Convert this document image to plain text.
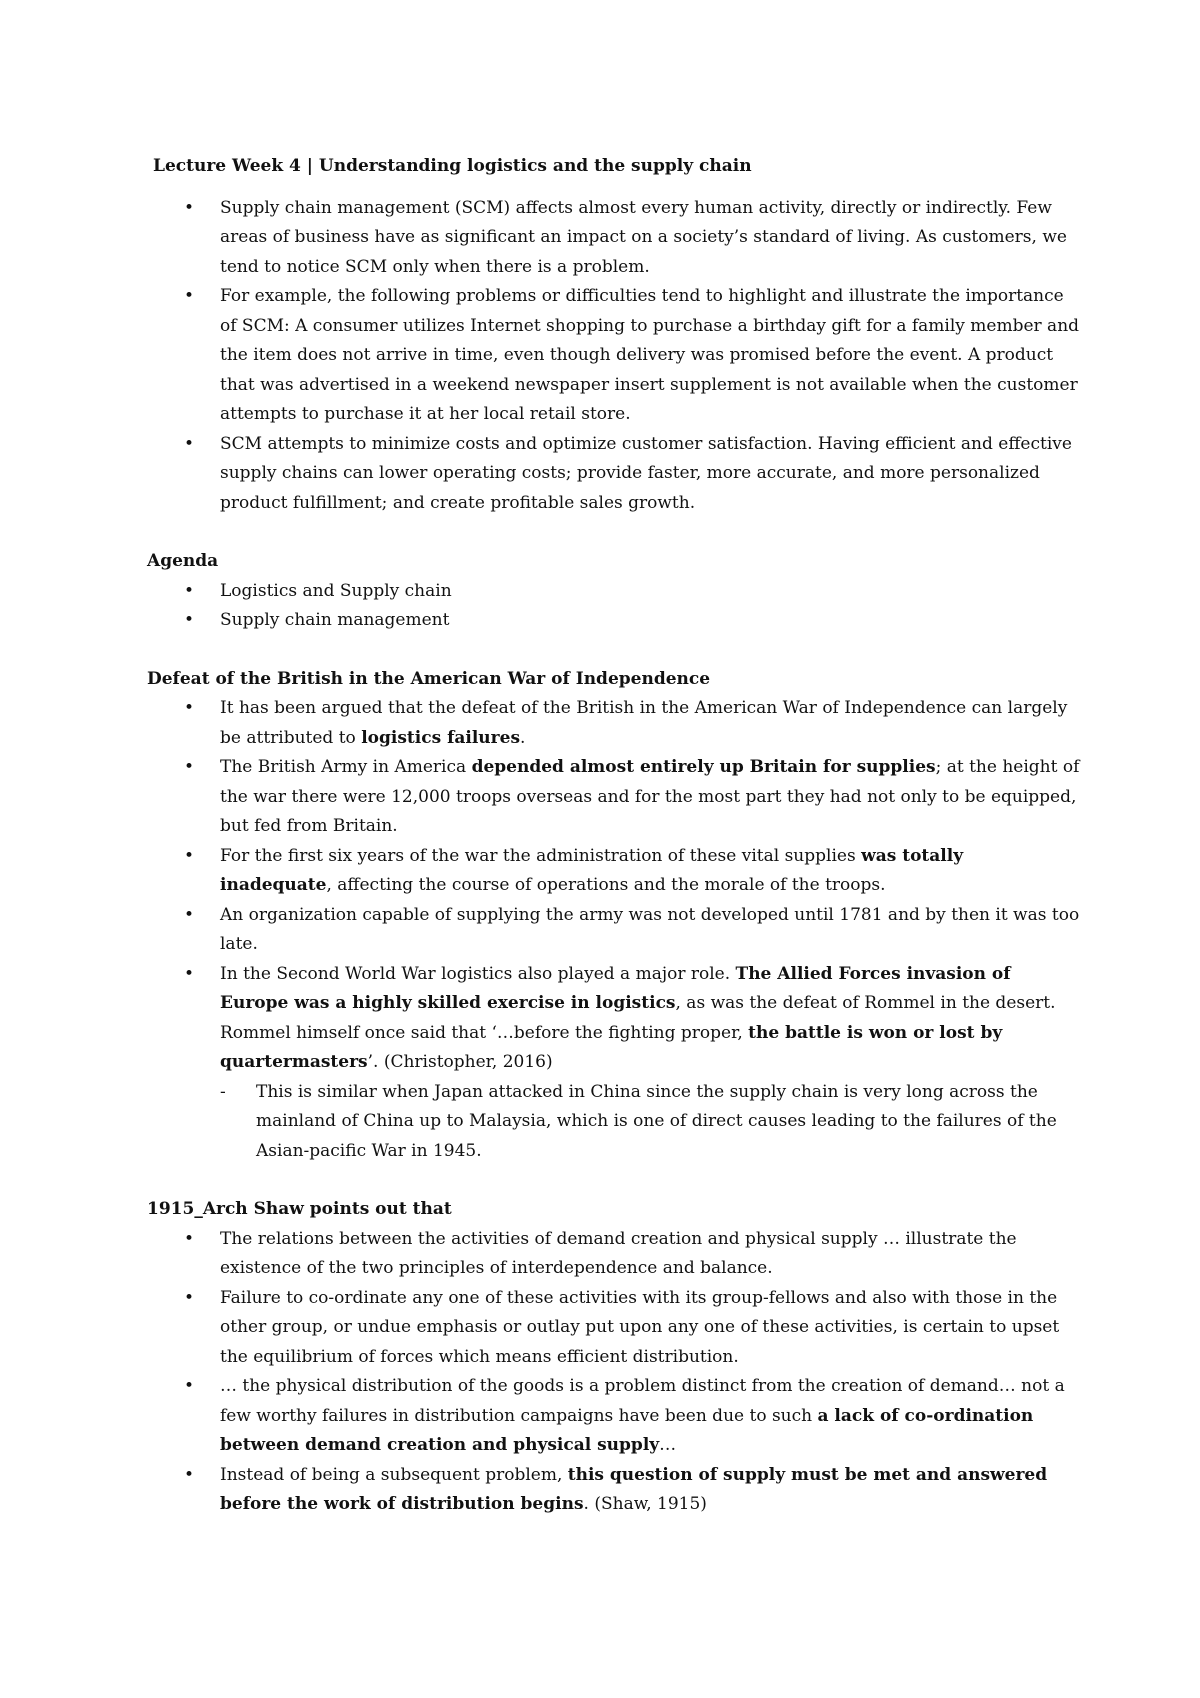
Lecture Week 4 | Understanding logistics and the supply chain

• Supply chain management (SCM) affects almost every human activity, directly or indirectly. Few areas of business have as significant an impact on a society’s standard of living. As customers, we tend to notice SCM only when there is a problem.
• For example, the following problems or difficulties tend to highlight and illustrate the importance of SCM: A consumer utilizes Internet shopping to purchase a birthday gift for a family member and the item does not arrive in time, even though delivery was promised before the event. A product that was advertised in a weekend newspaper insert supplement is not available when the customer attempts to purchase it at her local retail store.
• SCM attempts to minimize costs and optimize customer satisfaction. Having efficient and effective supply chains can lower operating costs; provide faster, more accurate, and more personalized product fulfillment; and create profitable sales growth.

Agenda

• Logistics and Supply chain
• Supply chain management

Defeat of the British in the American War of Independence

• It has been argued that the defeat of the British in the American War of Independence can largely be attributed to logistics failures.
• The British Army in America depended almost entirely up Britain for supplies; at the height of the war there were 12,000 troops overseas and for the most part they had not only to be equipped, but fed from Britain.
• For the first six years of the war the administration of these vital supplies was totally inadequate, affecting the course of operations and the morale of the troops.
• An organization capable of supplying the army was not developed until 1781 and by then it was too late.
• In the Second World War logistics also played a major role. The Allied Forces invasion of Europe was a highly skilled exercise in logistics, as was the defeat of Rommel in the desert. Rommel himself once said that ‘…before the fighting proper, the battle is won or lost by quartermasters’. (Christopher, 2016)
- This is similar when Japan attacked in China since the supply chain is very long across the mainland of China up to Malaysia, which is one of direct causes leading to the failures of the Asian-pacific War in 1945.

1915_Arch Shaw points out that

• The relations between the activities of demand creation and physical supply … illustrate the existence of the two principles of interdependence and balance.
• Failure to co-ordinate any one of these activities with its group-fellows and also with those in the other group, or undue emphasis or outlay put upon any one of these activities, is certain to upset the equilibrium of forces which means efficient distribution.
• … the physical distribution of the goods is a problem distinct from the creation of demand… not a few worthy failures in distribution campaigns have been due to such a lack of co-ordination between demand creation and physical supply…
• Instead of being a subsequent problem, this question of supply must be met and answered before the work of distribution begins. (Shaw, 1915)
